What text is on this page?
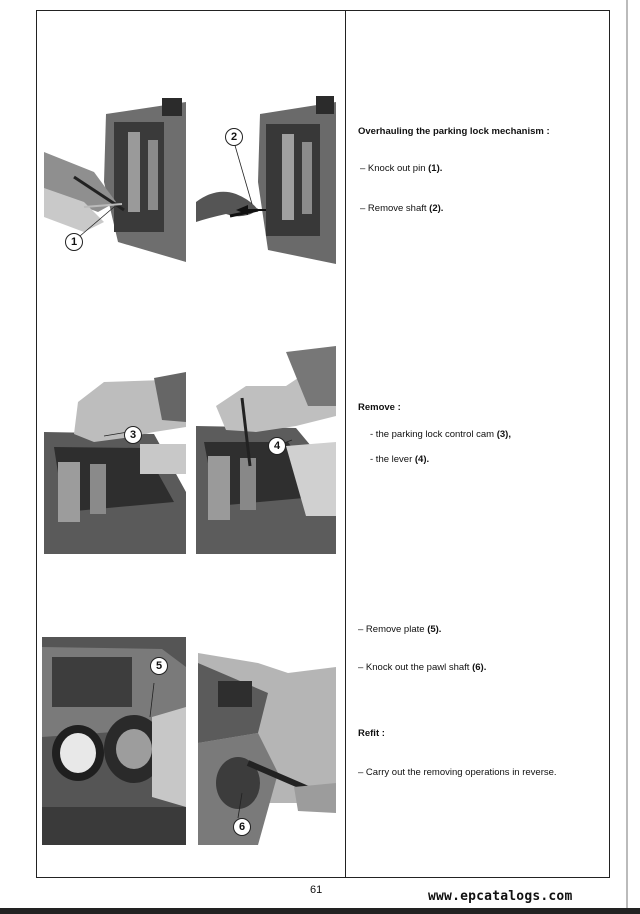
1
2
3
4
5
6
Overhauling the parking lock mechanism :
– Knock out pin (1).
– Remove shaft (2).
Remove :
- the parking lock control cam (3),
- the lever (4).
– Remove plate (5).
– Knock out the pawl shaft (6).
Refit :
– Carry out the removing operations in reverse.
61	www.epcatalogs.com
